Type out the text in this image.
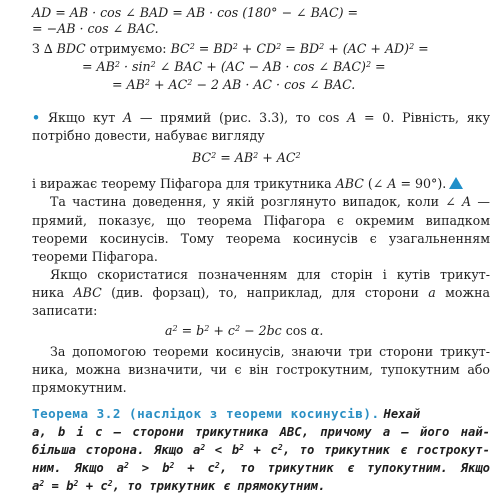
AD = AB · cos ∠ BAD = AB · cos (180° − ∠ BAC) =
= −AB · cos ∠ BAC.
З ∆ BDC отримуємо: $BC^2 = BD^2 + CD^2 = BD^2 + (AC + AD)^2$ =
= $AB^2 \cdot \sin^2$ ∠ BAC + (AC − AB · cos ∠ BAC)$^2$ =
= $AB^2 + AC^2 - 2$ AB · AC · cos ∠ BAC.
• Якщо кут A — прямий (рис. 3.3), то cos A = 0. Рівність, яку
потрібно довести, набуває вигляду
$BC^2 = AB^2 + AC^2$
і виражає теорему Піфагора для трикутника ABC (∠ A = 90°).
Та частина доведення, у якій розглянуто випадок, коли ∠ A —
прямий, показує, що теорема Піфагора є окремим випадком
теореми косинусів. Тому теорема косинусів є узагальненням
теореми Піфагора.
Якщо скористатися позначенням для сторін і кутів трикут-
ника ABC (див. форзац), то, наприклад, для сторони a можна
записати:
$a^2 = b^2 + c^2 - 2bc$ cos α.
За допомогою теореми косинусів, знаючи три сторони трикут-
ника, можна визначити, чи є він гострокутним, тупокутним або
прямокутним.
Теорема 3.2 (наслідок з теореми косинусів). Нехай
a, b і c — сторони трикутника ABC, причому a — його най-
більша сторона. Якщо $a^2 < b^2 + c^2$, то трикутник є гострокут-
ним. Якщо $a^2 > b^2 + c^2$, то трикутник є тупокутним. Якщо
$a^2 = b^2 + c^2$, то трикутник є прямокутним.
